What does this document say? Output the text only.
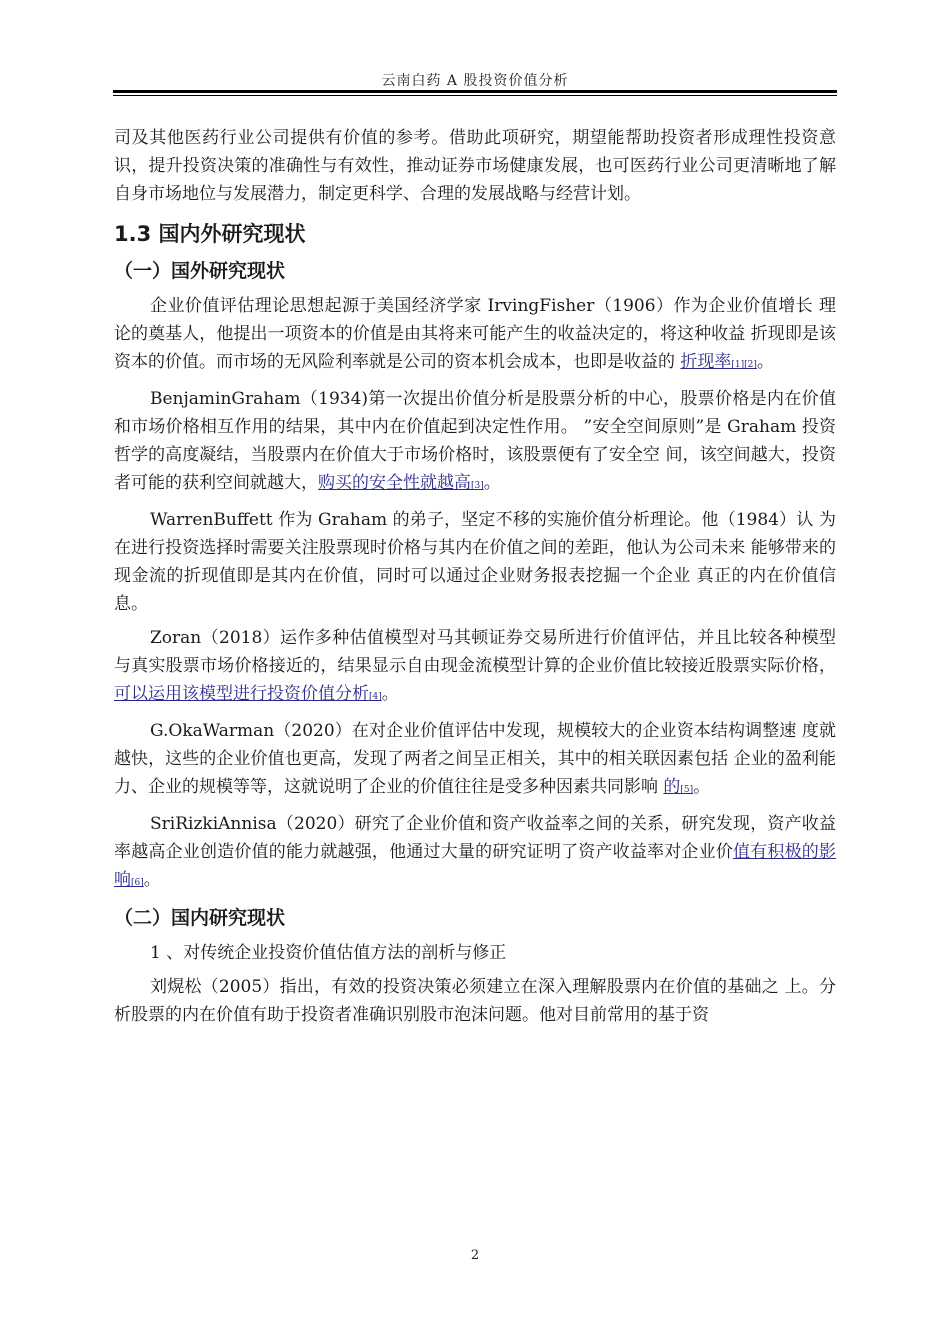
云南白药 A 股投资价值分析

司及其他医药行业公司提供有价值的参考。借助此项研究，期望能帮助投资者形成理性投资意识，提升投资决策的准确性与有效性，推动证券市场健康发展，也可医药行业公司更清晰地了解自身市场地位与发展潜力，制定更科学、合理的发展战略与经营计划。

1.3 国内外研究现状
（一）国外研究现状

企业价值评估理论思想起源于美国经济学家 IrvingFisher（1906）作为企业价值增长 理论的奠基人，他提出一项资本的价值是由其将来可能产生的收益决定的，将这种收益 折现即是该资本的价值。而市场的无风险利率就是公司的资本机会成本，也即是收益的 折现率[1][2]。

BenjaminGraham（1934)第一次提出价值分析是股票分析的中心，股票价格是内在价值和市场价格相互作用的结果，其中内在价值起到决定性作用。 ”安全空间原则”是 Graham 投资哲学的高度凝结，当股票内在价值大于市场价格时，该股票便有了安全空 间，该空间越大，投资者可能的获利空间就越大，购买的安全性就越高[3]。

WarrenBuffett 作为 Graham 的弟子，坚定不移的实施价值分析理论。他（1984）认 为在进行投资选择时需要关注股票现时价格与其内在价值之间的差距，他认为公司未来 能够带来的现金流的折现值即是其内在价值，同时可以通过企业财务报表挖掘一个企业 真正的内在价值信息。

Zoran（2018）运作多种估值模型对马其顿证券交易所进行价值评估，并且比较各种模型与真实股票市场价格接近的，结果显示自由现金流模型计算的企业价值比较接近股票实际价格，可以运用该模型进行投资价值分析[4]。

G.OkaWarman（2020）在对企业价值评估中发现，规模较大的企业资本结构调整速 度就越快，这些的企业价值也更高，发现了两者之间呈正相关，其中的相关联因素包括 企业的盈利能力、企业的规模等等，这就说明了企业的价值往往是受多种因素共同影响 的[5]。

SriRizkiAnnisa（2020）研究了企业价值和资产收益率之间的关系，研究发现，资产收益率越高企业创造价值的能力就越强，他通过大量的研究证明了资产收益率对企业价值有积极的影响[6]。

（二）国内研究现状

1 、对传统企业投资价值估值方法的剖析与修正

刘熀松（2005）指出，有效的投资决策必须建立在深入理解股票内在价值的基础之 上。分析股票的内在价值有助于投资者准确识别股市泡沫问题。他对目前常用的基于资

2
